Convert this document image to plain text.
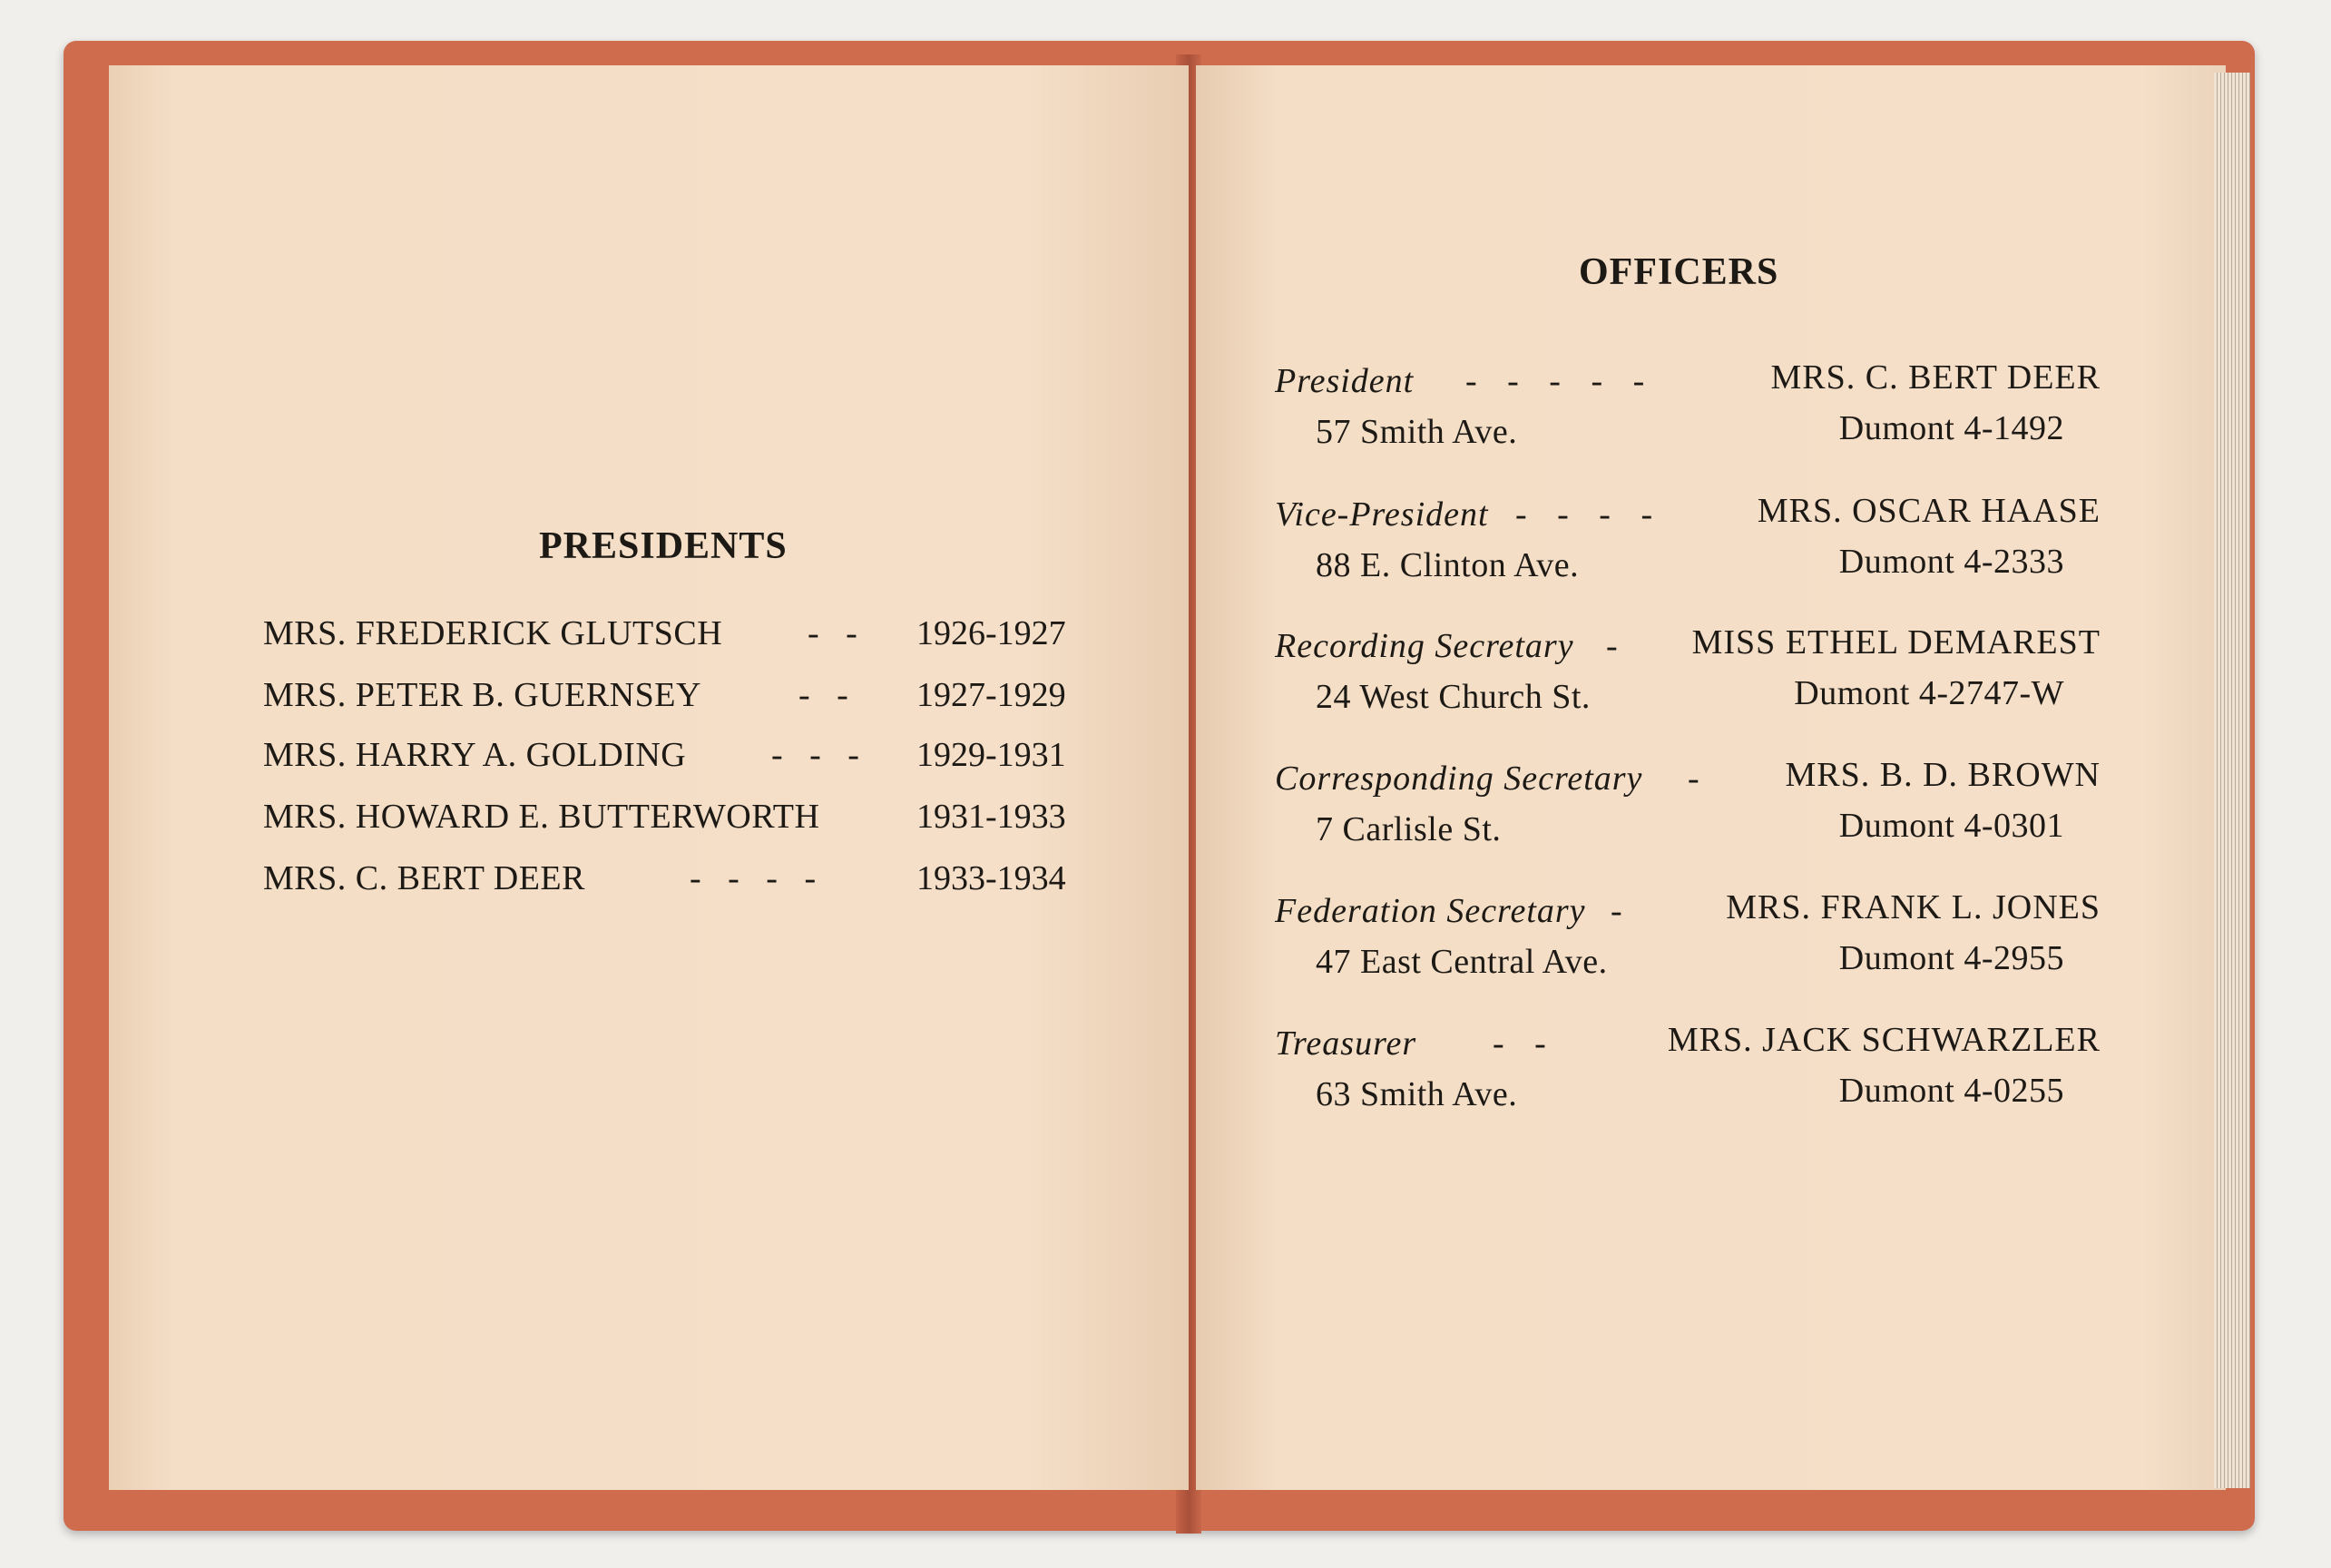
PRESIDENTS
MRS. FREDERICK GLUTSCH - - 1926-1927
MRS. PETER B. GUERNSEY	- - 1927-1929
MRS. HARRY A. GOLDING - - - 1929-1931
MRS. HOWARD E. BUTTERWORTH	1931-1933
MRS. C. BERT DEER	- - - -	1933-1934
OFFICERS
President - - - - -	MRS. C. BERT DEER
57 Smith Ave.	Dumont 4-1492
Vice-President - - - -	MRS. OSCAR HAASE
88 E. Clinton Ave.	Dumont 4-2333
Recording Secretary - MISS ETHEL DEMAREST
24 West Church St.	Dumont 4-2747-W
Corresponding Secretary - MRS. B. D. BROWN
7 Carlisle St.	Dumont 4-0301
Federation Secretary -	MRS. FRANK L. JONES
47 East Central Ave.	Dumont 4-2955
Treasurer - -	MRS. JACK SCHWARZLER
63 Smith Ave.	Dumont 4-0255
